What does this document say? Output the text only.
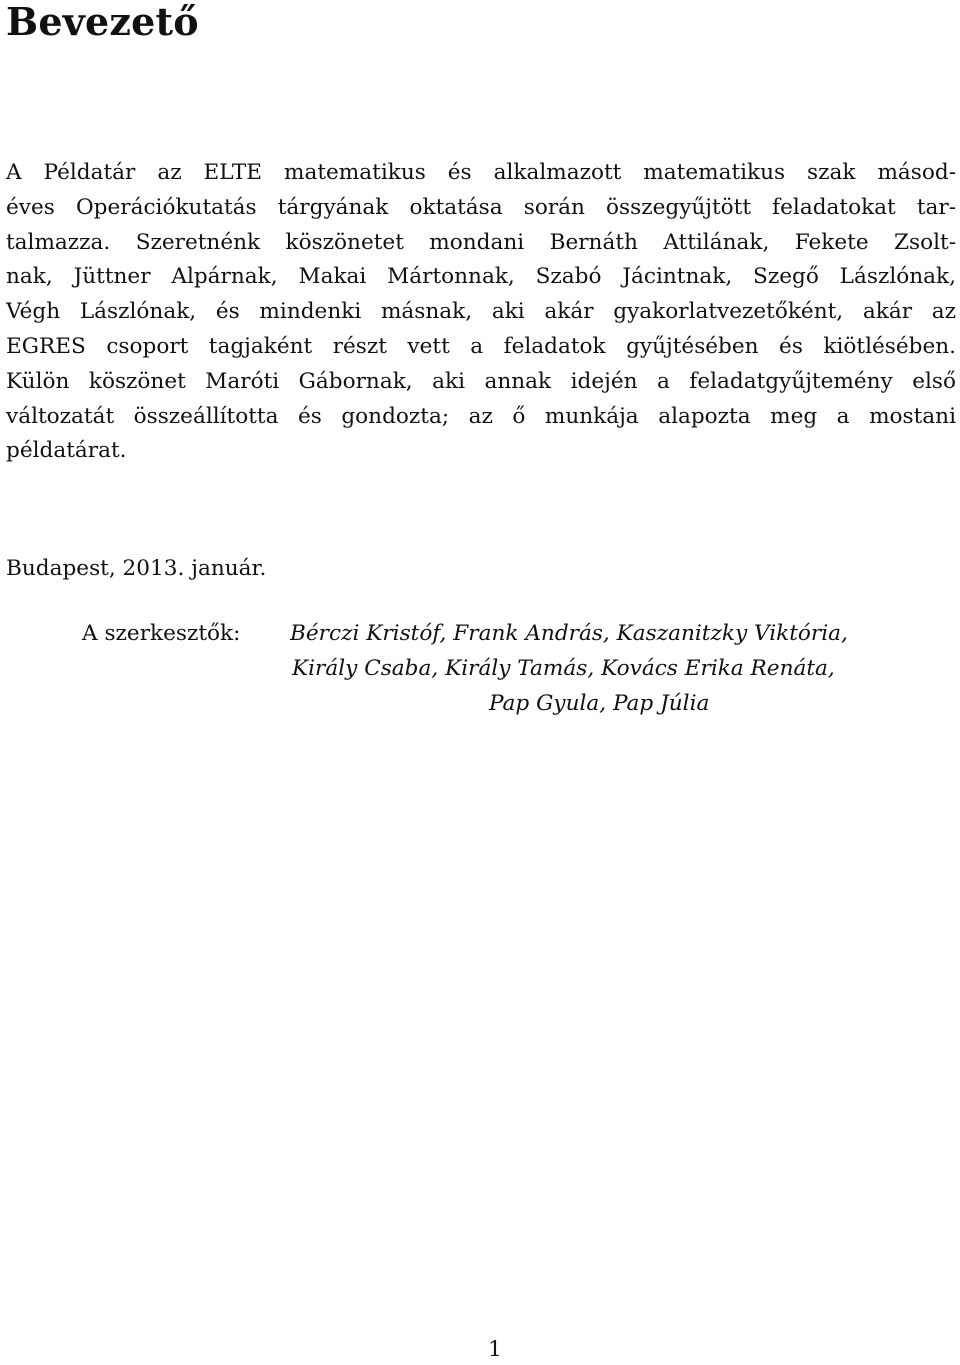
Bevezető
A Példatár az ELTE matematikus és alkalmazott matematikus szak másod-
éves Operációkutatás tárgyának oktatása során összegyűjtött feladatokat tar-
talmazza. Szeretnénk köszönetet mondani Bernáth Attilának, Fekete Zsolt-
nak, Jüttner Alpárnak, Makai Mártonnak, Szabó Jácintnak, Szegő Lászlónak,
Végh Lászlónak, és mindenki másnak, aki akár gyakorlatvezetőként, akár az
EGRES csoport tagjaként részt vett a feladatok gyűjtésében és kiötlésében.
Külön köszönet Maróti Gábornak, aki annak idején a feladatgyűjtemény első
változatát összeállította és gondozta; az ő munkája alapozta meg a mostani
példatárat.

Budapest, 2013. január.

A szerkesztők: Bérczi Kristóf, Frank András, Kaszanitzky Viktória,
Király Csaba, Király Tamás, Kovács Erika Renáta,
Pap Gyula, Pap Júlia
1
